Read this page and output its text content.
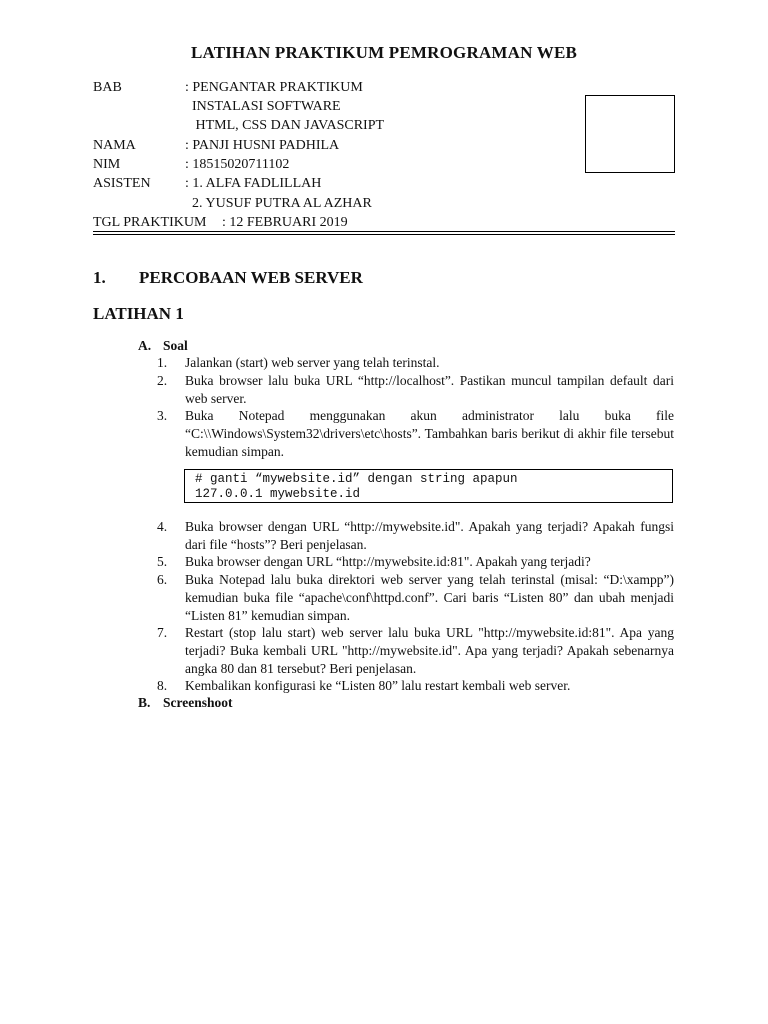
LATIHAN PRAKTIKUM PEMROGRAMAN WEB
BAB	: PENGANTAR PRAKTIKUM
INSTALASI SOFTWARE
HTML, CSS DAN JAVASCRIPT
NAMA	: PANJI HUSNI PADHILA
NIM	: 18515020711102
ASISTEN : 1. ALFA FADLILLAH
2. YUSUF PUTRA AL AZHAR
TGL PRAKTIKUM : 12 FEBRUARI 2019
1. PERCOBAAN WEB SERVER
LATIHAN 1
A. Soal
1.	Jalankan (start) web server yang telah terinstal.
2.	Buka browser lalu buka URL “http://localhost”. Pastikan muncul tampilan default dari web server.
3.	Buka Notepad menggunakan akun administrator lalu buka file “C:\\Windows\System32\drivers\etc\hosts”. Tambahkan baris berikut di akhir file tersebut kemudian simpan.
# ganti “mywebsite.id” dengan string apapun
127.0.0.1 mywebsite.id
4.	Buka browser dengan URL “http://mywebsite.id". Apakah yang terjadi? Apakah fungsi dari file “hosts”? Beri penjelasan.
5.	Buka browser dengan URL “http://mywebsite.id:81". Apakah yang terjadi?
6.	Buka Notepad lalu buka direktori web server yang telah terinstal (misal: “D:\xampp”) kemudian buka file “apache\conf\httpd.conf”. Cari baris “Listen 80” dan ubah menjadi “Listen 81” kemudian simpan.
7.	Restart (stop lalu start) web server lalu buka URL "http://mywebsite.id:81". Apa yang terjadi? Buka kembali URL "http://mywebsite.id". Apa yang terjadi? Apakah sebenarnya angka 80 dan 81 tersebut? Beri penjelasan.
8.	Kembalikan konfigurasi ke “Listen 80” lalu restart kembali web server.
B. Screenshoot
